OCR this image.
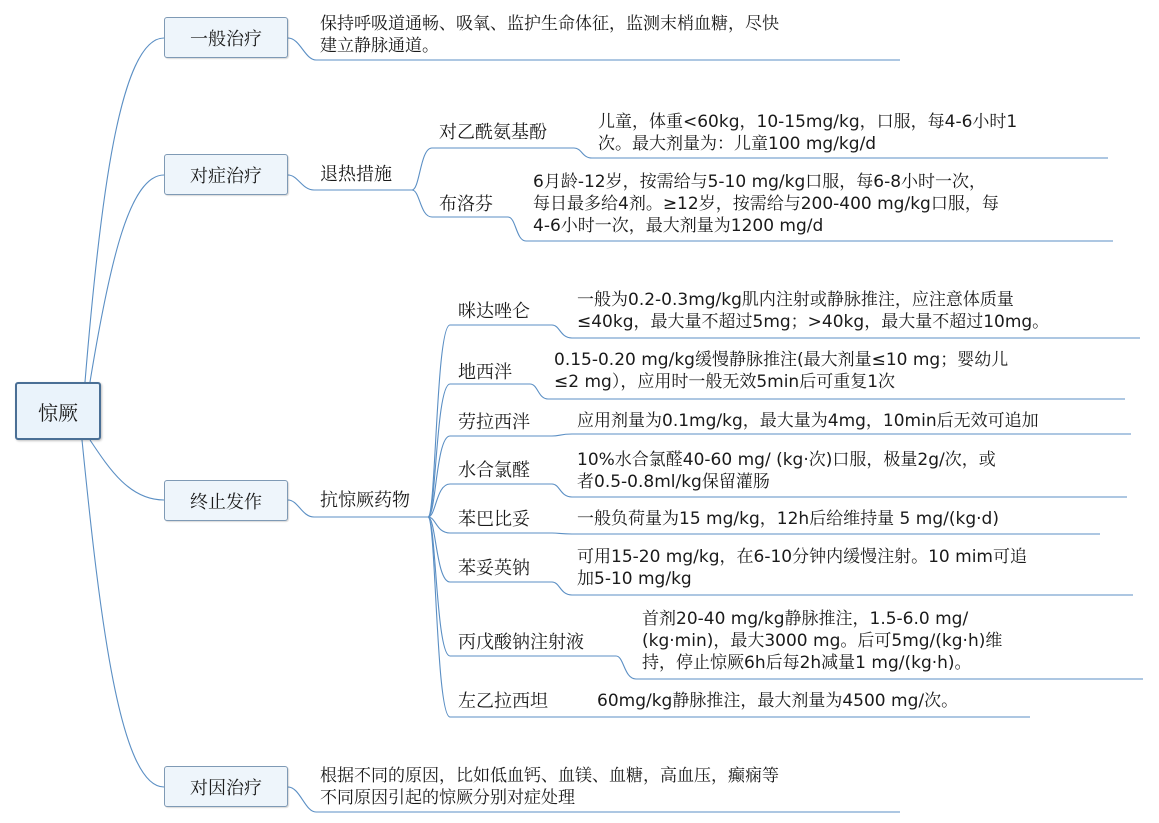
惊厥
一般治疗
对症治疗
终止发作
对因治疗
保持呼吸道通畅、吸氧、监护生命体征，监测末梢血糖，尽快
建立静脉通道。
退热措施
对乙酰氨基酚	儿童，体重<60kg，10-15mg/kg，口服，每4-6小时1
次。最大剂量为：儿童100 mg/kg/d
布洛芬
6月龄-12岁，按需给与5-10 mg/kg口服，每6-8小时一次，
每日最多给4剂。≥12岁，按需给与200-400 mg/kg口服，每
4-6小时一次，最大剂量为1200 mg/d
抗惊厥药物
咪达唑仑
一般为0.2-0.3mg/kg肌内注射或静脉推注，应注意体质量
≤40kg，最大量不超过5mg；>40kg，最大量不超过10mg。
地西泮
0.15-0.20 mg/kg缓慢静脉推注(最大剂量≤10 mg；婴幼儿
≤2 mg），应用时一般无效5min后可重复1次
劳拉西泮	应用剂量为0.1mg/kg，最大量为4mg，10min后无效可追加
水合氯醛	10%水合氯醛40-60 mg/ (kg·次)口服，极量2g/次，或
者0.5-0.8ml/kg保留灌肠
苯巴比妥	一般负荷量为15 mg/kg，12h后给维持量 5 mg/(kg·d)
苯妥英钠
可用15-20 mg/kg，在6-10分钟内缓慢注射。10 mim可追
加5-10 mg/kg
丙戊酸钠注射液
首剂20-40 mg/kg静脉推注，1.5-6.0 mg/
(kg·min)，最大3000 mg。后可5mg/(kg·h)维
持，停止惊厥6h后每2h减量1 mg/(kg·h)。
左乙拉西坦	60mg/kg静脉推注，最大剂量为4500 mg/次。
根据不同的原因，比如低血钙、血镁、血糖，高血压，癫痫等
不同原因引起的惊厥分别对症处理
